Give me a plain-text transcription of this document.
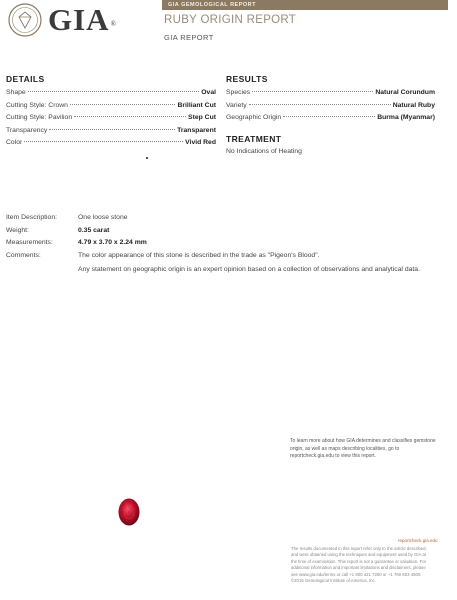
GIA®
GIA GEMOLOGICAL REPORT
RUBY ORIGIN REPORT
GIA REPORT
DETAILS
Shape	Oval
Cutting Style: Crown	Brilliant Cut
Cutting Style: Pavilion	Step Cut
Transparency	Transparent
Color	Vivid Red
RESULTS
Species	Natural Corundum
Variety	Natural Ruby
Geographic Origin	Burma (Myanmar)
TREATMENT
No Indications of Heating
Item Description:	One loose stone
Weight:	0.35 carat
Measurements:	4.79 x 3.70 x 2.24 mm
Comments:	The color appearance of this stone is described in the trade as "Pigeon's Blood".
Any statement on geographic origin is an expert opinion based on a collection of observations and analytical data.
To learn more about how GIA determines and classifies gemstone origin, as well as maps describing localities, go to reportcheck.gia.edu to view this report.
reportcheck.gia.edu
The results documented in this report refer only to the article described, and were obtained using the techniques and equipment used by GIA at the time of examination. This report is not a guarantee or valuation. For additional information and important limitations and disclaimers, please see www.gia.edu/terms or call +1 800 421 7250 or +1 760 603 4500. ©2015 Gemological Institute of America, Inc.
